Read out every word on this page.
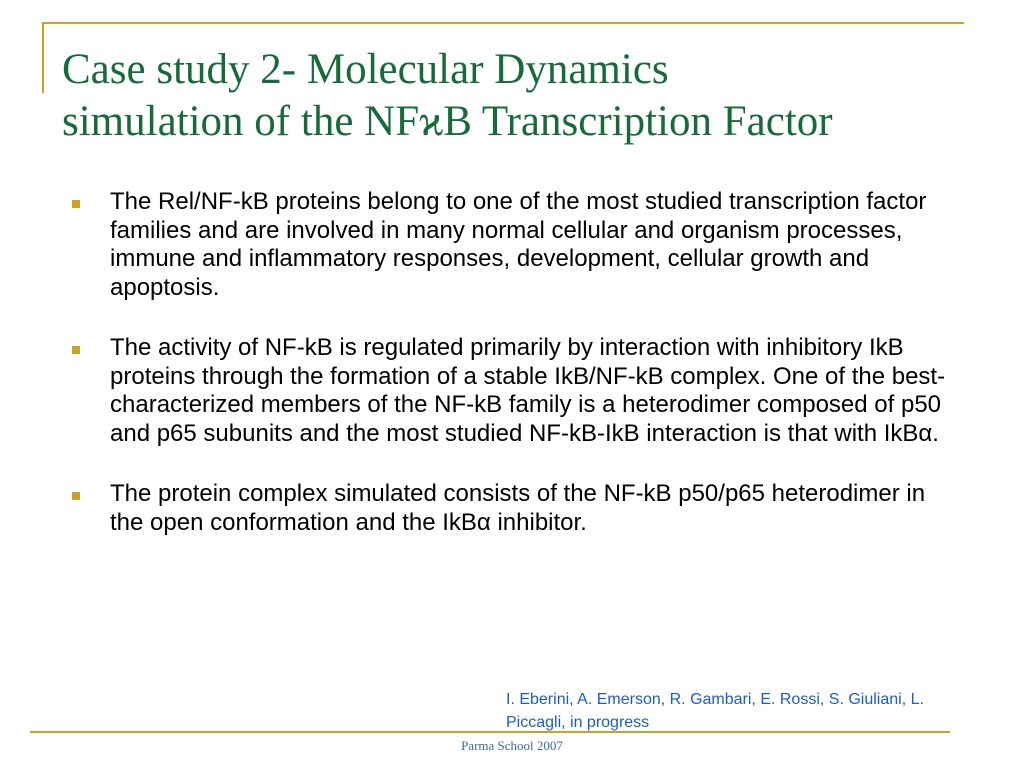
Case study 2- Molecular Dynamics
simulation of the NFϰB Transcription Factor
The Rel/NF-kB proteins belong to one of the most studied transcription factor families and are involved in many normal cellular and organism processes, immune and inflammatory responses, development, cellular growth and apoptosis.
The activity of NF-kB is regulated primarily by interaction with inhibitory IkB proteins through the formation of a stable IkB/NF-kB complex. One of the best-characterized members of the NF-kB family is a heterodimer composed of p50 and p65 subunits and the most studied NF-kB-IkB interaction is that with IkBα.
The protein complex simulated consists of the NF-kB p50/p65 heterodimer in the open conformation and the IkBα inhibitor.
I. Eberini, A. Emerson, R. Gambari, E. Rossi, S. Giuliani, L. Piccagli, in progress
Parma School 2007
